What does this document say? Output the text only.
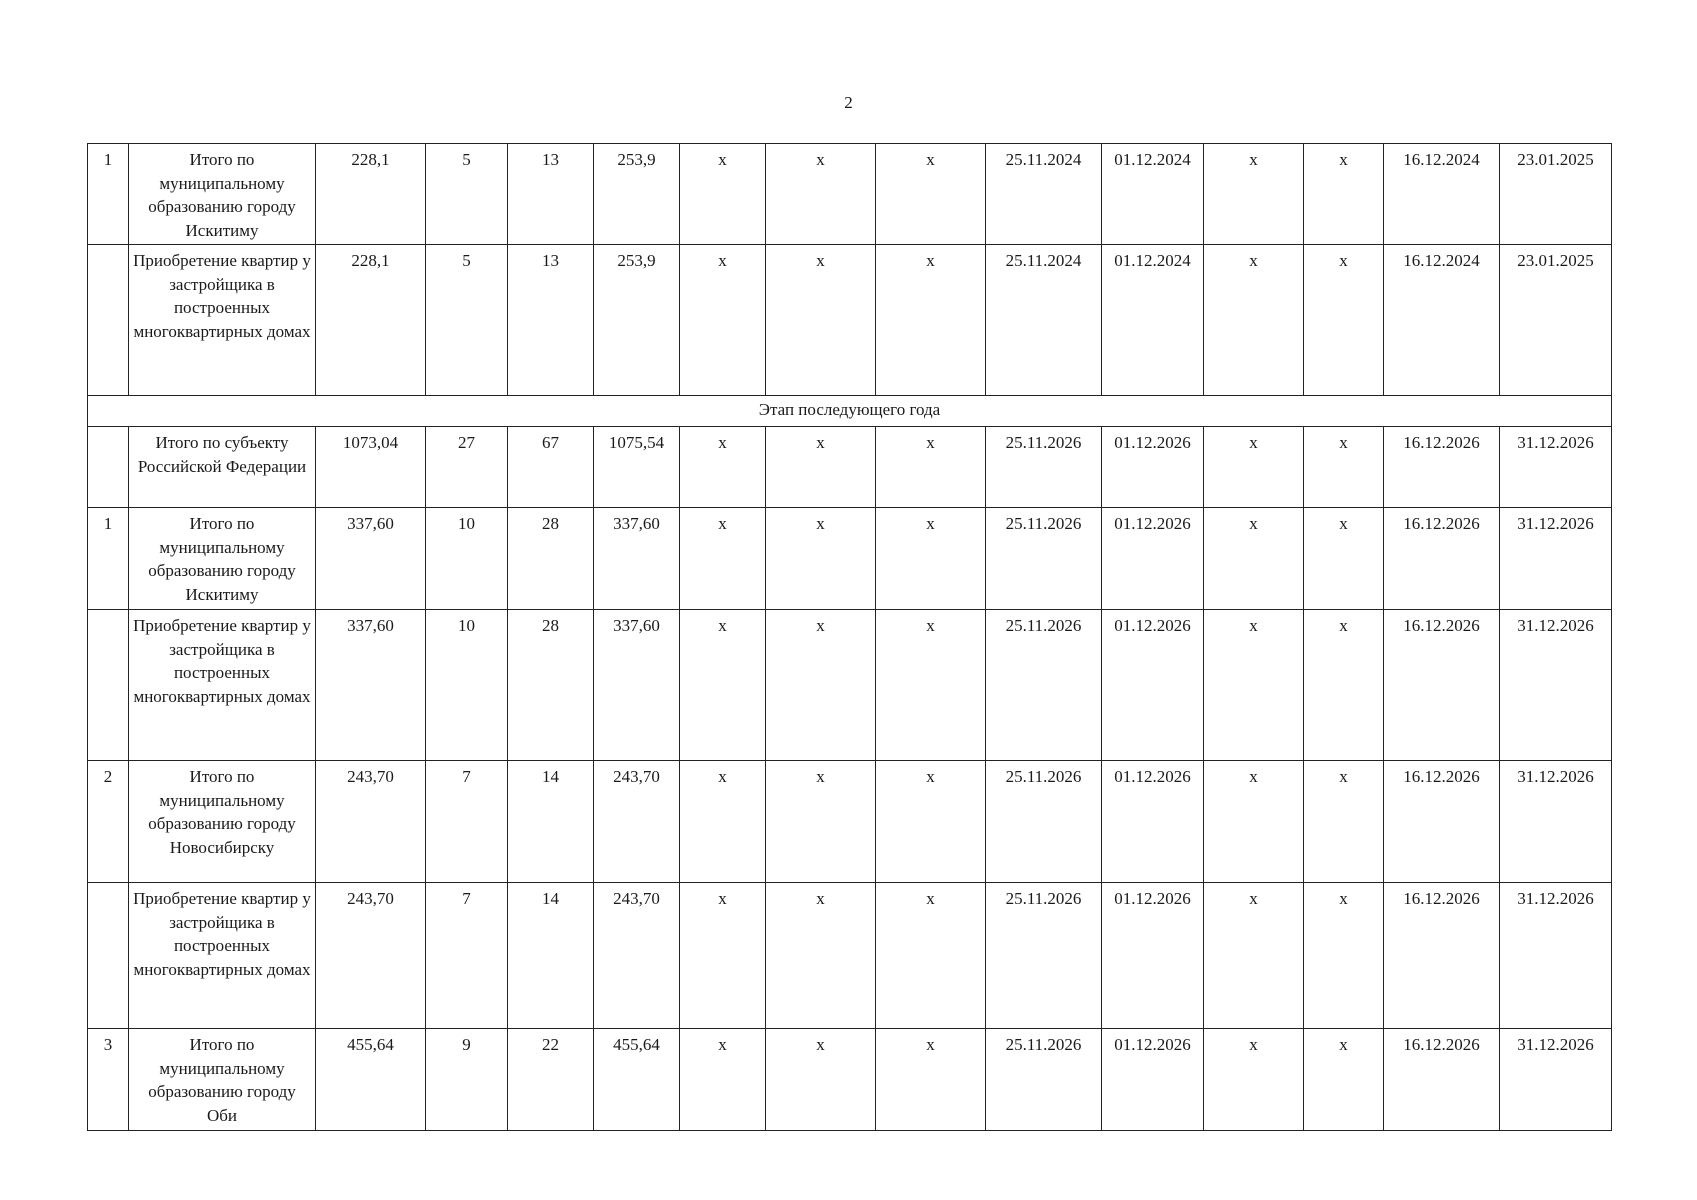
2
1	Итого по муниципальному образованию городу Искитиму	228,1	5	13	253,9	х	х	х	25.11.2024	01.12.2024	х	х	16.12.2024	23.01.2025
	Приобретение квартир у застройщика в построенных многоквартирных домах	228,1	5	13	253,9	х	х	х	25.11.2024	01.12.2024	х	х	16.12.2024	23.01.2025
Этап последующего года														
	Итого по субъекту Российской Федерации	1073,04	27	67	1075,54	х	х	х	25.11.2026	01.12.2026	х	х	16.12.2026	31.12.2026
1	Итого по муниципальному образованию городу Искитиму	337,60	10	28	337,60	х	х	х	25.11.2026	01.12.2026	х	х	16.12.2026	31.12.2026
	Приобретение квартир у застройщика в построенных многоквартирных домах	337,60	10	28	337,60	х	х	х	25.11.2026	01.12.2026	х	х	16.12.2026	31.12.2026
2	Итого по муниципальному образованию городу Новосибирску	243,70	7	14	243,70	х	х	х	25.11.2026	01.12.2026	х	х	16.12.2026	31.12.2026
	Приобретение квартир у застройщика в построенных многоквартирных домах	243,70	7	14	243,70	х	х	х	25.11.2026	01.12.2026	х	х	16.12.2026	31.12.2026
3	Итого по муниципальному образованию городу Оби	455,64	9	22	455,64	х	х	х	25.11.2026	01.12.2026	х	х	16.12.2026	31.12.2026
